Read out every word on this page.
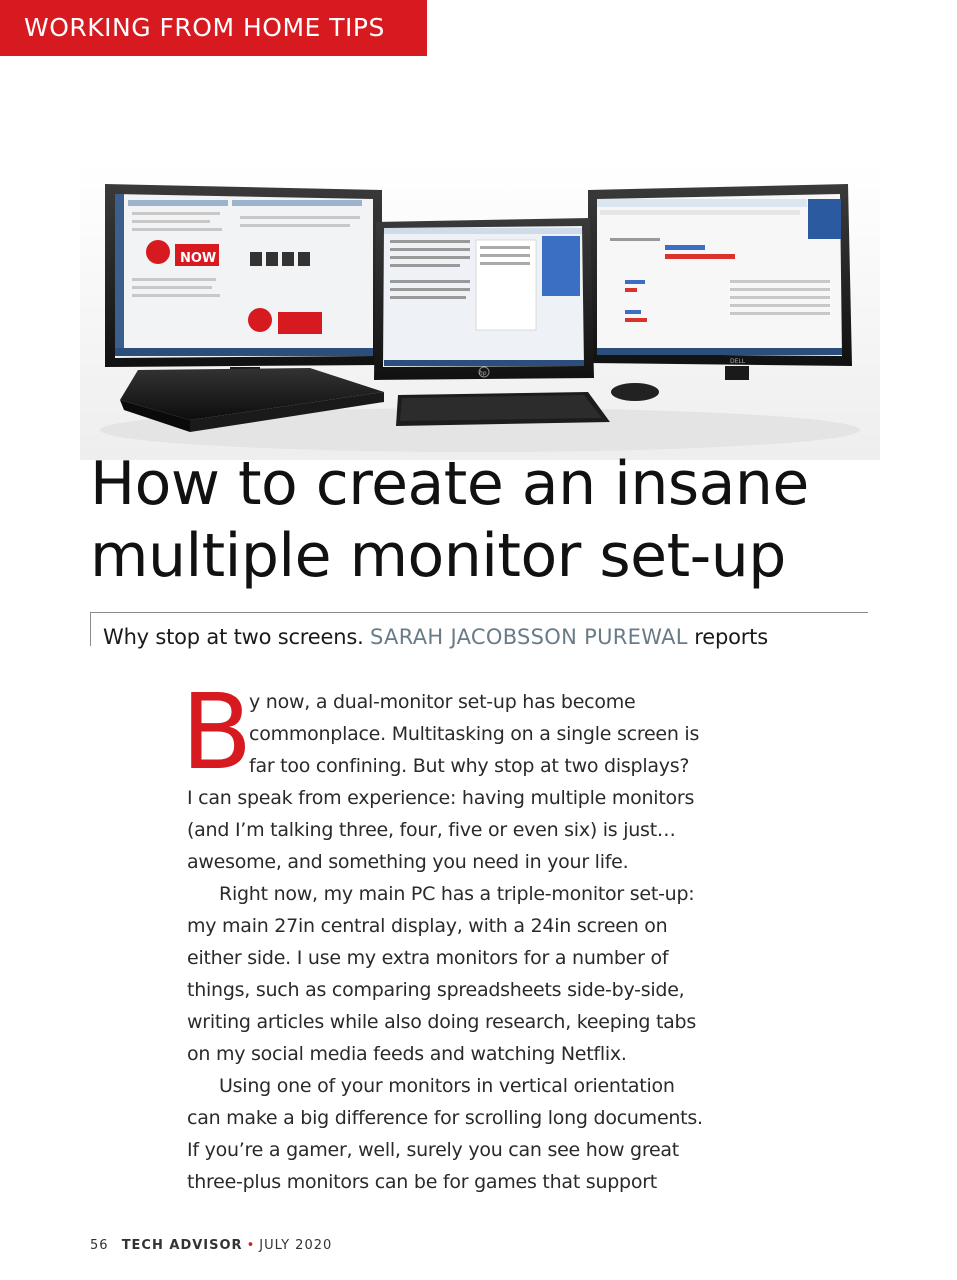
WORKING FROM HOME TIPS
NOW
DELL
hp
How to create an insane
multiple monitor set-up
Why stop at two screens. SARAH JACOBSSON PUREWAL reports
B
y now, a dual-monitor set-up has become
commonplace. Multitasking on a single screen is
far too confining. But why stop at two displays?
I can speak from experience: having multiple monitors
(and I’m talking three, four, five or even six) is just…
awesome, and something you need in your life.
Right now, my main PC has a triple-monitor set-up:
my main 27in central display, with a 24in screen on
either side. I use my extra monitors for a number of
things, such as comparing spreadsheets side-by-side,
writing articles while also doing research, keeping tabs
on my social media feeds and watching Netflix.
Using one of your monitors in vertical orientation
can make a big difference for scrolling long documents.
If you’re a gamer, well, surely you can see how great
three-plus monitors can be for games that support
56 TECH ADVISOR • JULY 2020
